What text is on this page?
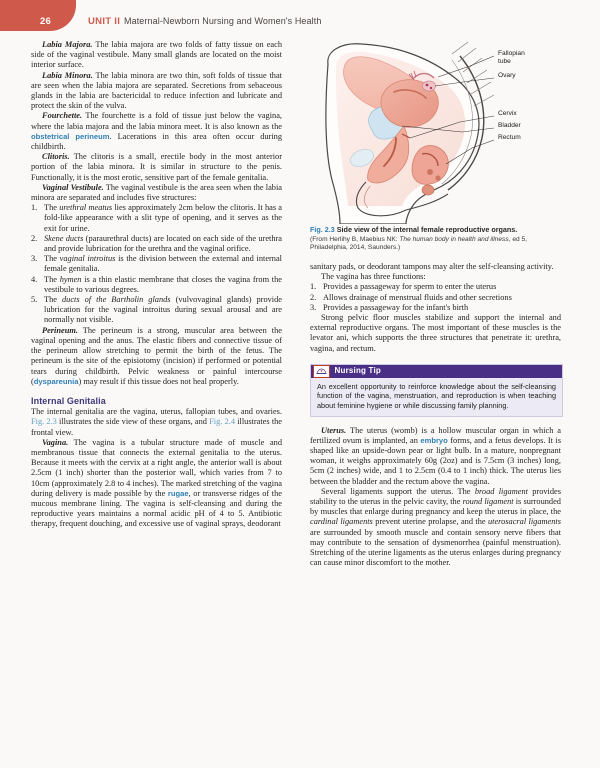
26	UNIT II Maternal-Newborn Nursing and Women's Health
Fallopian
tube
Ovary
Cervix
Bladder
Rectum
Fig. 2.3 Side view of the internal female reproductive organs.
(From Herlihy B, Maebius NK: The human body in health and illness, ed 5, Philadelphia, 2014, Saunders.)

Labia Majora. The labia majora are two folds of fatty tissue on each side of the vaginal vestibule. Many small glands are located on the moist interior surface.

Labia Minora. The labia minora are two thin, soft folds of tissue that are seen when the labia majora are separated. Secretions from sebaceous glands in the labia are bactericidal to reduce infection and lubricate and protect the skin of the vulva.

Fourchette. The fourchette is a fold of tissue just below the vagina, where the labia majora and the labia minora meet. It is also known as the obstetrical perineum. Lacerations in this area often occur during childbirth.

Clitoris. The clitoris is a small, erectile body in the most anterior portion of the labia minora. It is similar in structure to the penis. Functionally, it is the most erotic, sensitive part of the female genitalia.

Vaginal Vestibule. The vaginal vestibule is the area seen when the labia minora are separated and includes five structures:

1. The urethral meatus lies approximately 2cm below the clitoris. It has a fold-like appearance with a slit type of opening, and it serves as the exit for urine.
2. Skene ducts (paraurethral ducts) are located on each side of the urethra and provide lubrication for the urethra and the vaginal orifice.
3. The vaginal introitus is the division between the external and internal female genitalia.
4. The hymen is a thin elastic membrane that closes the vagina from the vestibule to various degrees.
5. The ducts of the Bartholin glands (vulvovaginal glands) provide lubrication for the vaginal introitus during sexual arousal and are normally not visible.

Perineum. The perineum is a strong, muscular area between the vaginal opening and the anus. The elastic fibers and connective tissue of the perineum allow stretching to permit the birth of the fetus. The perineum is the site of the episiotomy (incision) if performed or potential tears during childbirth. Pelvic weakness or painful intercourse (dyspareunia) may result if this tissue does not heal properly.

Internal Genitalia

The internal genitalia are the vagina, uterus, fallopian tubes, and ovaries. Fig. 2.3 illustrates the side view of these organs, and Fig. 2.4 illustrates the frontal view.

Vagina. The vagina is a tubular structure made of muscle and membranous tissue that connects the external genitalia to the uterus. Because it meets with the cervix at a right angle, the anterior wall is about 2.5cm (1 inch) shorter than the posterior wall, which varies from 7 to 10cm (approximately 2.8 to 4 inches). The marked stretching of the vagina during delivery is made possible by the rugae, or transverse ridges of the mucous membrane lining. The vagina is self-cleansing and during the reproductive years maintains a normal acidic pH of 4 to 5. Antibiotic therapy, frequent douching, and excessive use of vaginal sprays, deodorant

sanitary pads, or deodorant tampons may alter the self-cleansing activity.

The vagina has three functions:

1. Provides a passageway for sperm to enter the uterus
2. Allows drainage of menstrual fluids and other secretions
3. Provides a passageway for the infant's birth

Strong pelvic floor muscles stabilize and support the internal and external reproductive organs. The most important of these muscles is the levator ani, which supports the three structures that penetrate it: urethra, vagina, and rectum.

Nursing Tip
An excellent opportunity to reinforce knowledge about the self-cleansing function of the vagina, menstruation, and reproduction is when teaching about feminine hygiene or while discussing family planning.

Uterus. The uterus (womb) is a hollow muscular organ in which a fertilized ovum is implanted, an embryo forms, and a fetus develops. It is shaped like an upside-down pear or light bulb. In a mature, nonpregnant woman, it weighs approximately 60g (2oz) and is 7.5cm (3 inches) long, 5cm (2 inches) wide, and 1 to 2.5cm (0.4 to 1 inch) thick. The uterus lies between the bladder and the rectum above the vagina.

Several ligaments support the uterus. The broad ligament provides stability to the uterus in the pelvic cavity, the round ligament is surrounded by muscles that enlarge during pregnancy and keep the uterus in place, the cardinal ligaments prevent uterine prolapse, and the uterosacral ligaments are surrounded by smooth muscle and contain sensory nerve fibers that may contribute to the sensation of dysmenorrhea (painful menstruation). Stretching of the uterine ligaments as the uterus enlarges during pregnancy can cause minor discomfort to the mother.
